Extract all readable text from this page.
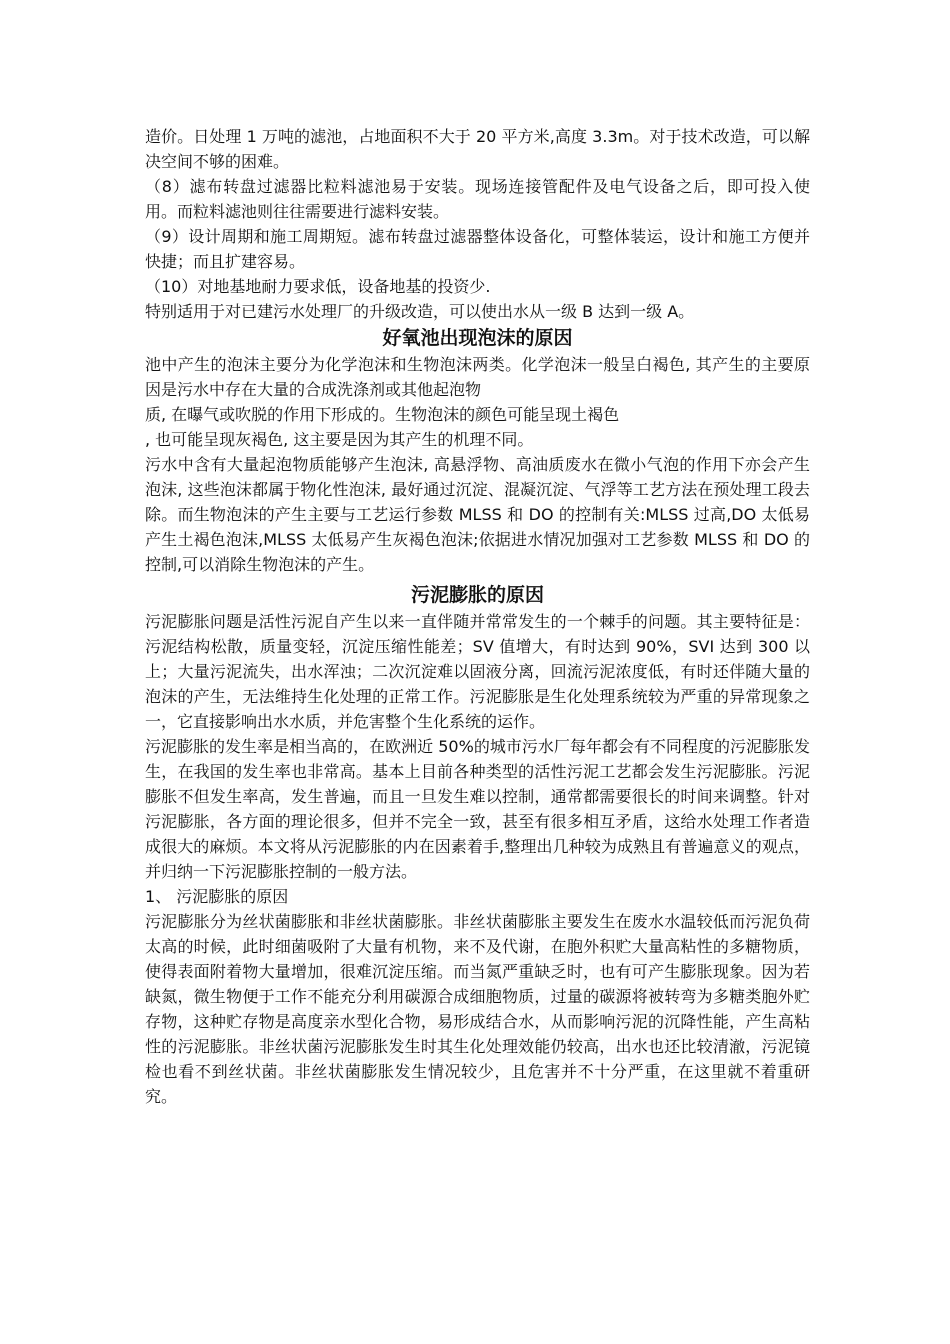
造价。日处理 1 万吨的滤池，占地面积不大于 20 平方米,高度 3.3m。对于技术改造，可以解决空间不够的困难。

（8）滤布转盘过滤器比粒料滤池易于安装。现场连接管配件及电气设备之后，即可投入使用。而粒料滤池则往往需要进行滤料安装。

（9）设计周期和施工周期短。滤布转盘过滤器整体设备化，可整体装运，设计和施工方便并快捷；而且扩建容易。

（10）对地基地耐力要求低，设备地基的投资少.

特别适用于对已建污水处理厂的升级改造，可以使出水从一级 B 达到一级 A。

好氧池出现泡沫的原因

池中产生的泡沫主要分为化学泡沫和生物泡沫两类。化学泡沫一般呈白褐色, 其产生的主要原因是污水中存在大量的合成洗涤剂或其他起泡物

质, 在曝气或吹脱的作用下形成的。生物泡沫的颜色可能呈现土褐色

, 也可能呈现灰褐色, 这主要是因为其产生的机理不同。

污水中含有大量起泡物质能够产生泡沫, 高悬浮物、高油质废水在微小气泡的作用下亦会产生泡沫, 这些泡沫都属于物化性泡沫, 最好通过沉淀、混凝沉淀、气浮等工艺方法在预处理工段去除。而生物泡沫的产生主要与工艺运行参数 MLSS 和 DO 的控制有关:MLSS 过高,DO 太低易产生土褐色泡沫,MLSS 太低易产生灰褐色泡沫;依据进水情况加强对工艺参数 MLSS 和 DO 的控制,可以消除生物泡沫的产生。

污泥膨胀的原因

污泥膨胀问题是活性污泥自产生以来一直伴随并常常发生的一个棘手的问题。其主要特征是：污泥结构松散，质量变轻，沉淀压缩性能差；SV 值增大，有时达到 90%，SVI 达到 300 以上；大量污泥流失，出水浑浊；二次沉淀难以固液分离，回流污泥浓度低，有时还伴随大量的泡沫的产生，无法维持生化处理的正常工作。污泥膨胀是生化处理系统较为严重的异常现象之一，它直接影响出水水质，并危害整个生化系统的运作。

污泥膨胀的发生率是相当高的，在欧洲近 50%的城市污水厂每年都会有不同程度的污泥膨胀发生，在我国的发生率也非常高。基本上目前各种类型的活性污泥工艺都会发生污泥膨胀。污泥膨胀不但发生率高，发生普遍，而且一旦发生难以控制，通常都需要很长的时间来调整。针对污泥膨胀，各方面的理论很多，但并不完全一致，甚至有很多相互矛盾，这给水处理工作者造成很大的麻烦。本文将从污泥膨胀的内在因素着手,整理出几种较为成熟且有普遍意义的观点，并归纳一下污泥膨胀控制的一般方法。

1、 污泥膨胀的原因

污泥膨胀分为丝状菌膨胀和非丝状菌膨胀。非丝状菌膨胀主要发生在废水水温较低而污泥负荷太高的时候，此时细菌吸附了大量有机物，来不及代谢，在胞外积贮大量高粘性的多糖物质，使得表面附着物大量增加，很难沉淀压缩。而当氮严重缺乏时，也有可产生膨胀现象。因为若缺氮，微生物便于工作不能充分利用碳源合成细胞物质，过量的碳源将被转弯为多糖类胞外贮存物，这种贮存物是高度亲水型化合物，易形成结合水，从而影响污泥的沉降性能，产生高粘性的污泥膨胀。非丝状菌污泥膨胀发生时其生化处理效能仍较高，出水也还比较清澈，污泥镜检也看不到丝状菌。非丝状菌膨胀发生情况较少，且危害并不十分严重，在这里就不着重研究。
